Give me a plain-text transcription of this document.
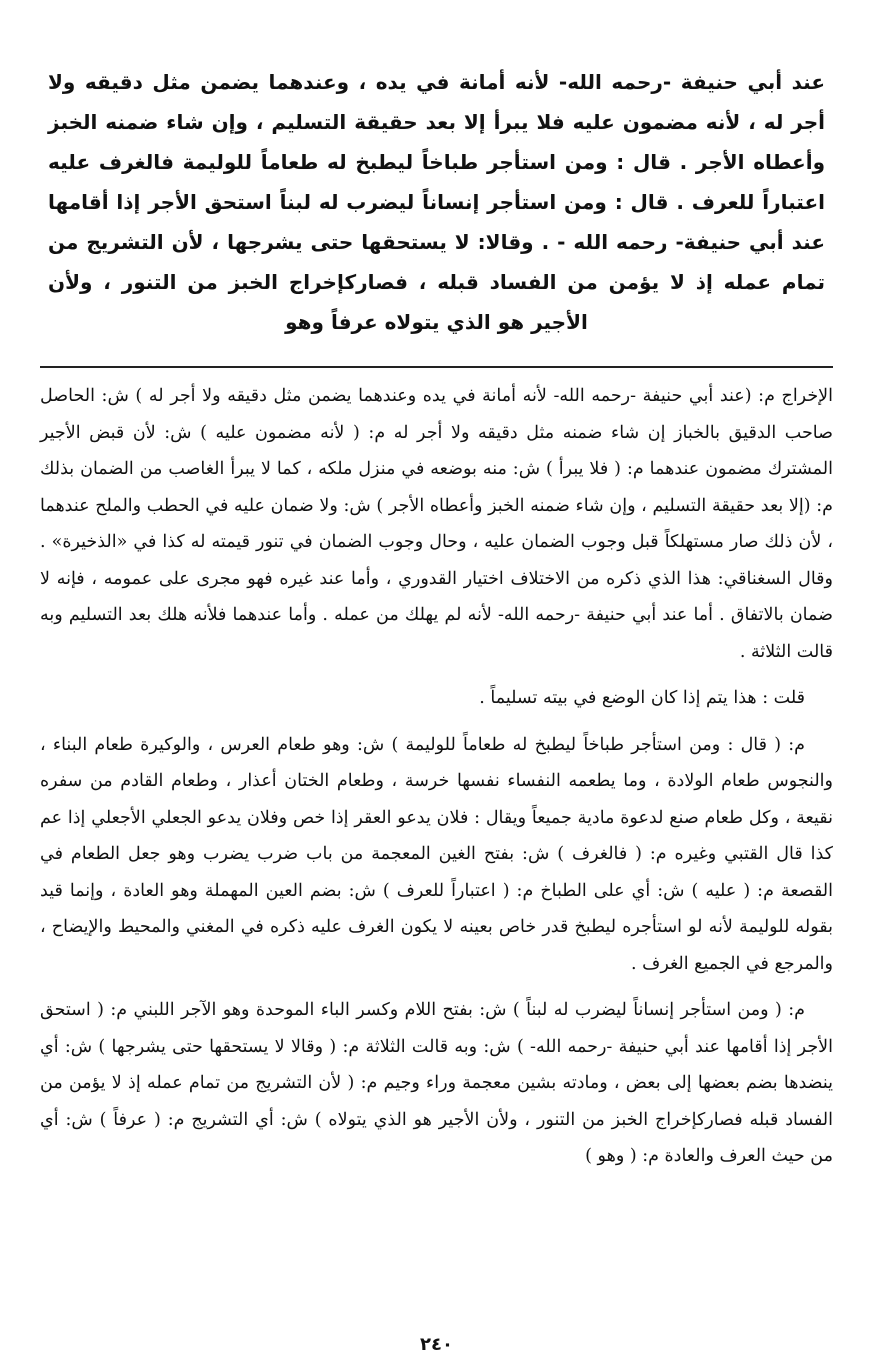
عند أبي حنيفة -رحمه الله- لأنه أمانة في يده ، وعندهما يضمن مثل دقيقه ولا أجر له ، لأنه مضمون عليه فلا يبرأ إلا بعد حقيقة التسليم ، وإن شاء ضمنه الخبز وأعطاه الأجر . قال : ومن استأجر طباخاً ليطبخ له طعاماً للوليمة فالغرف عليه اعتباراً للعرف . قال : ومن استأجر إنساناً ليضرب له لبناً استحق الأجر إذا أقامها عند أبي حنيفة- رحمه الله - . وقالا: لا يستحقها حتى يشرجها ، لأن التشريج من تمام عمله إذ لا يؤمن من الفساد قبله ، فصاركإخراج الخبز من التنور ، ولأن الأجير هو الذي يتولاه عرفاً وهو

الإخراج م: (عند أبي حنيفة -رحمه الله- لأنه أمانة في يده وعندهما يضمن مثل دقيقه ولا أجر له ) ش: الحاصل صاحب الدقيق بالخباز إن شاء ضمنه مثل دقيقه ولا أجر له م: ( لأنه مضمون عليه ) ش: لأن قبض الأجير المشترك مضمون عندهما م: ( فلا يبرأ ) ش: منه بوضعه في منزل ملكه ، كما لا يبرأ الغاصب من الضمان بذلك م: (إلا بعد حقيقة التسليم ، وإن شاء ضمنه الخبز وأعطاه الأجر ) ش: ولا ضمان عليه في الحطب والملح عندهما ، لأن ذلك صار مستهلكاً قبل وجوب الضمان عليه ، وحال وجوب الضمان في تنور قيمته له كذا في «الذخيرة» . وقال السغناقي: هذا الذي ذكره من الاختلاف اختيار القدوري ، وأما عند غيره فهو مجرى على عمومه ، فإنه لا ضمان بالاتفاق . أما عند أبي حنيفة -رحمه الله- لأنه لم يهلك من عمله . وأما عندهما فلأنه هلك بعد التسليم وبه قالت الثلاثة .

قلت : هذا يتم إذا كان الوضع في بيته تسليماً .

م: ( قال : ومن استأجر طباخاً ليطبخ له طعاماً للوليمة ) ش: وهو طعام العرس ، والوكيرة طعام البناء ، والنجوس طعام الولادة ، وما يطعمه النفساء نفسها خرسة ، وطعام الختان أعذار ، وطعام القادم من سفره نقيعة ، وكل طعام صنع لدعوة مادية جميعاً ويقال : فلان يدعو العقر إذا خص وفلان يدعو الجعلي الأجعلي إذا عم كذا قال القتبي وغيره م: ( فالغرف ) ش: بفتح الغين المعجمة من باب ضرب يضرب وهو جعل الطعام في القصعة م: ( عليه ) ش: أي على الطباخ م: ( اعتباراً للعرف ) ش: بضم العين المهملة وهو العادة ، وإنما قيد بقوله للوليمة لأنه لو استأجره ليطبخ قدر خاص بعينه لا يكون الغرف عليه ذكره في المغني والمحيط والإيضاح ، والمرجع في الجميع الغرف .

م: ( ومن استأجر إنساناً ليضرب له لبناً ) ش: بفتح اللام وكسر الباء الموحدة وهو الآجر اللبني م: ( استحق الأجر إذا أقامها عند أبي حنيفة -رحمه الله- ) ش: وبه قالت الثلاثة م: ( وقالا لا يستحقها حتى يشرجها ) ش: أي ينضدها بضم بعضها إلى بعض ، ومادته بشين معجمة وراء وجيم م: ( لأن التشريج من تمام عمله إذ لا يؤمن من الفساد قبله فصاركإخراج الخبز من التنور ، ولأن الأجير هو الذي يتولاه ) ش: أي التشريج م: ( عرفاً ) ش: أي من حيث العرف والعادة م: ( وهو )

٢٤٠
